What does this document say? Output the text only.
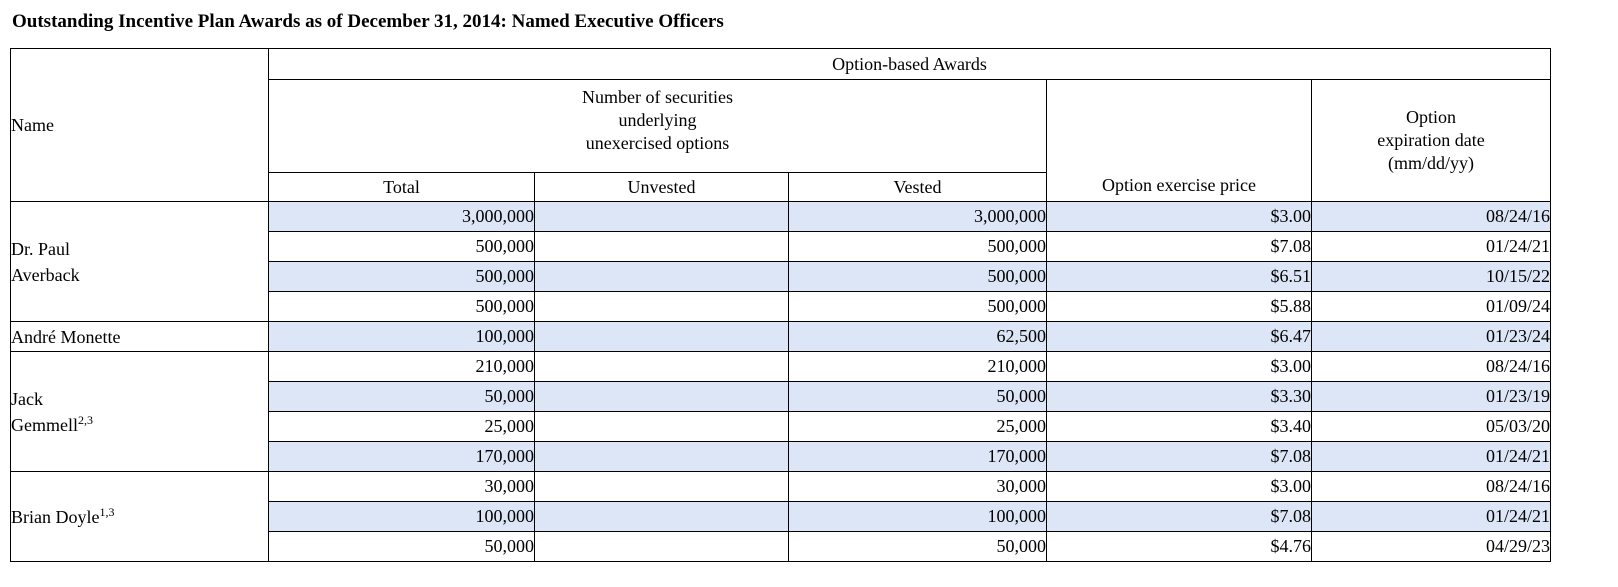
Outstanding Incentive Plan Awards as of December 31, 2014: Named Executive Officers
Name	Option-based Awards				

	Number of securities
underlying
unexercised options			Option exercise price	Option
expiration date
(mm/dd/yy)

	Total	Unvested	Vested		

Dr. Paul
Averback	3,000,000		3,000,000	$3.00	08/24/16
	500,000		500,000	$7.08	01/24/21
	500,000		500,000	$6.51	10/15/22
	500,000		500,000	$5.88	01/09/24

André Monette	100,000		62,500	$6.47	01/23/24

Jack
Gemmell$^{2,3}$	210,000		210,000	$3.00	08/24/16
	50,000		50,000	$3.30	01/23/19
	25,000		25,000	$3.40	05/03/20
	170,000		170,000	$7.08	01/24/21

Brian Doyle$^{1,3}$	30,000		30,000	$3.00	08/24/16
	100,000		100,000	$7.08	01/24/21
	50,000		50,000	$4.76	04/29/23
